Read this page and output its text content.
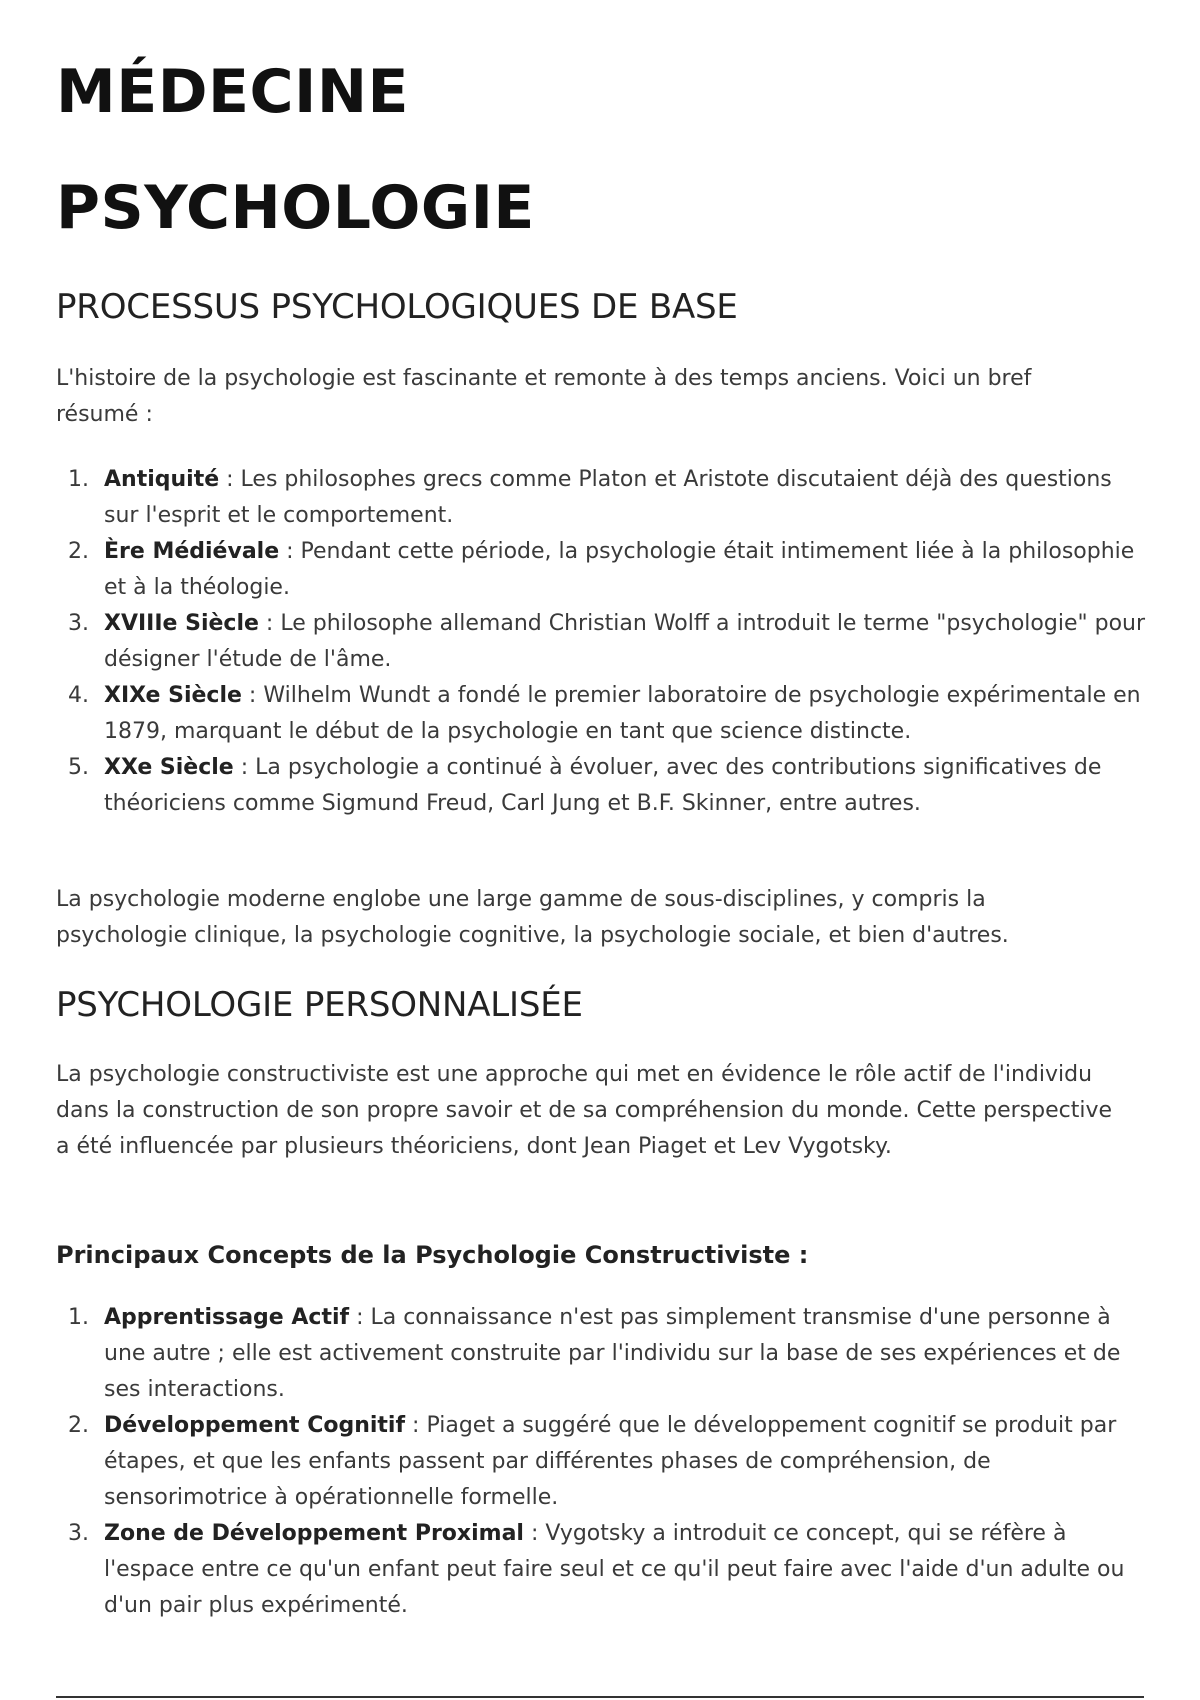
MÉDECINE
PSYCHOLOGIE
PROCESSUS PSYCHOLOGIQUES DE BASE

L'histoire de la psychologie est fascinante et remonte à des temps anciens. Voici un bref résumé :

1. Antiquité : Les philosophes grecs comme Platon et Aristote discutaient déjà des questions sur l'esprit et le comportement.
2. Ère Médiévale : Pendant cette période, la psychologie était intimement liée à la philosophie et à la théologie.
3. XVIIIe Siècle : Le philosophe allemand Christian Wolff a introduit le terme "psychologie" pour désigner l'étude de l'âme.
4. XIXe Siècle : Wilhelm Wundt a fondé le premier laboratoire de psychologie expérimentale en 1879, marquant le début de la psychologie en tant que science distincte.
5. XXe Siècle : La psychologie a continué à évoluer, avec des contributions significatives de théoriciens comme Sigmund Freud, Carl Jung et B.F. Skinner, entre autres.

La psychologie moderne englobe une large gamme de sous-disciplines, y compris la psychologie clinique, la psychologie cognitive, la psychologie sociale, et bien d'autres.

PSYCHOLOGIE PERSONNALISÉE

La psychologie constructiviste est une approche qui met en évidence le rôle actif de l'individu dans la construction de son propre savoir et de sa compréhension du monde. Cette perspective a été influencée par plusieurs théoriciens, dont Jean Piaget et Lev Vygotsky.

Principaux Concepts de la Psychologie Constructiviste :
1. Apprentissage Actif : La connaissance n'est pas simplement transmise d'une personne à une autre ; elle est activement construite par l'individu sur la base de ses expériences et de ses interactions.
2. Développement Cognitif : Piaget a suggéré que le développement cognitif se produit par étapes, et que les enfants passent par différentes phases de compréhension, de sensorimotrice à opérationnelle formelle.
3. Zone de Développement Proximal : Vygotsky a introduit ce concept, qui se réfère à l'espace entre ce qu'un enfant peut faire seul et ce qu'il peut faire avec l'aide d'un adulte ou d'un pair plus expérimenté.
